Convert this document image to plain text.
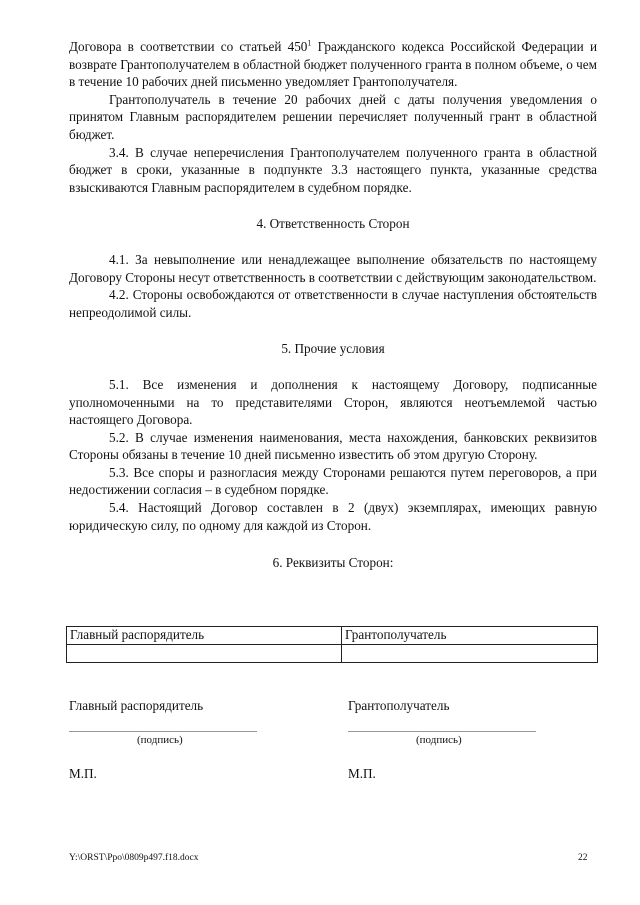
Договора в соответствии со статьей $450^1$ Гражданского кодекса Российской Федерации и возврате Грантополучателем в областной бюджет полученного гранта в полном объеме, о чем в течение 10 рабочих дней письменно уведомляет Грантополучателя.

Грантополучатель в течение 20 рабочих дней с даты получения уведомления о принятом Главным распорядителем решении перечисляет полученный грант в областной бюджет.

3.4. В случае неперечисления Грантополучателем полученного гранта в областной бюджет в сроки, указанные в подпункте 3.3 настоящего пункта, указанные средства взыскиваются Главным распорядителем в судебном порядке.

4. Ответственность Сторон

4.1. За невыполнение или ненадлежащее выполнение обязательств по настоящему Договору Стороны несут ответственность в соответствии с действующим законодательством.

4.2. Стороны освобождаются от ответственности в случае наступления обстоятельств непреодолимой силы.

5. Прочие условия

5.1. Все изменения и дополнения к настоящему Договору, подписанные уполномоченными на то представителями Сторон, являются неотъемлемой частью настоящего Договора.

5.2. В случае изменения наименования, места нахождения, банковских реквизитов Стороны обязаны в течение 10 дней письменно известить об этом другую Сторону.

5.3. Все споры и разногласия между Сторонами решаются путем переговоров, а при недостижении согласия – в судебном порядке.

5.4. Настоящий Договор составлен в 2 (двух) экземплярах, имеющих равную юридическую силу, по одному для каждой из Сторон.

6. Реквизиты Сторон:
Главный распорядитель	Грантополучатель

Главный распорядитель	Грантополучатель
(подпись)	(подпись)
М.П.	М.П.
Y:\ORST\Ppo\0809p497.f18.docx	22
